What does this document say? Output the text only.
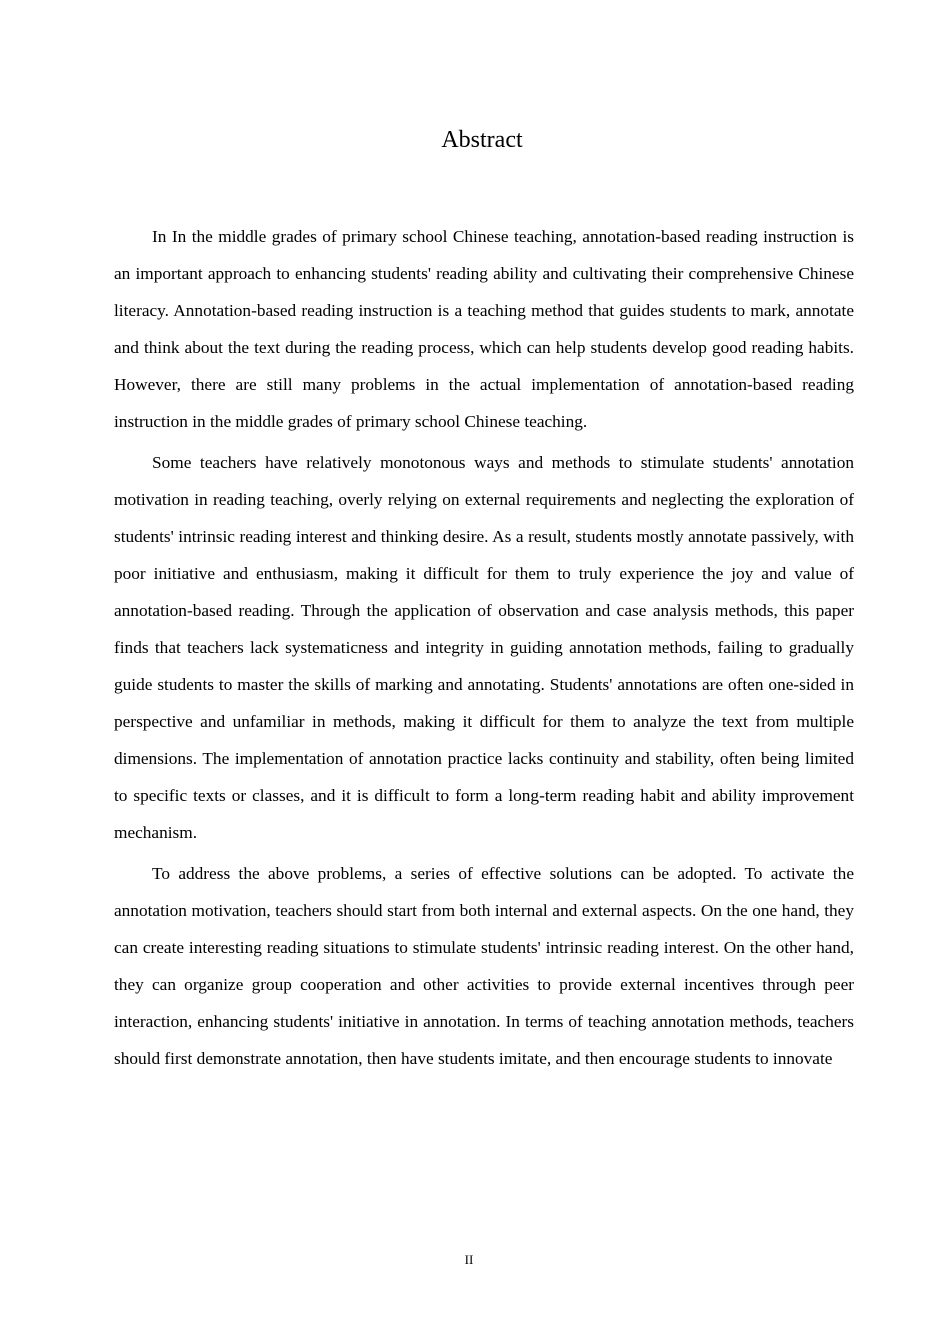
Abstract

In In the middle grades of primary school Chinese teaching, annotation-based reading instruction is an important approach to enhancing students' reading ability and cultivating their comprehensive Chinese literacy. Annotation-based reading instruction is a teaching method that guides students to mark, annotate and think about the text during the reading process, which can help students develop good reading habits. However, there are still many problems in the actual implementation of annotation-based reading instruction in the middle grades of primary school Chinese teaching.

Some teachers have relatively monotonous ways and methods to stimulate students' annotation motivation in reading teaching, overly relying on external requirements and neglecting the exploration of students' intrinsic reading interest and thinking desire. As a result, students mostly annotate passively, with poor initiative and enthusiasm, making it difficult for them to truly experience the joy and value of annotation-based reading. Through the application of observation and case analysis methods, this paper finds that teachers lack systematicness and integrity in guiding annotation methods, failing to gradually guide students to master the skills of marking and annotating. Students' annotations are often one-sided in perspective and unfamiliar in methods, making it difficult for them to analyze the text from multiple dimensions. The implementation of annotation practice lacks continuity and stability, often being limited to specific texts or classes, and it is difficult to form a long-term reading habit and ability improvement mechanism.

To address the above problems, a series of effective solutions can be adopted. To activate the annotation motivation, teachers should start from both internal and external aspects. On the one hand, they can create interesting reading situations to stimulate students' intrinsic reading interest. On the other hand, they can organize group cooperation and other activities to provide external incentives through peer interaction, enhancing students' initiative in annotation. In terms of teaching annotation methods, teachers should first demonstrate annotation, then have students imitate, and then encourage students to innovate

II
